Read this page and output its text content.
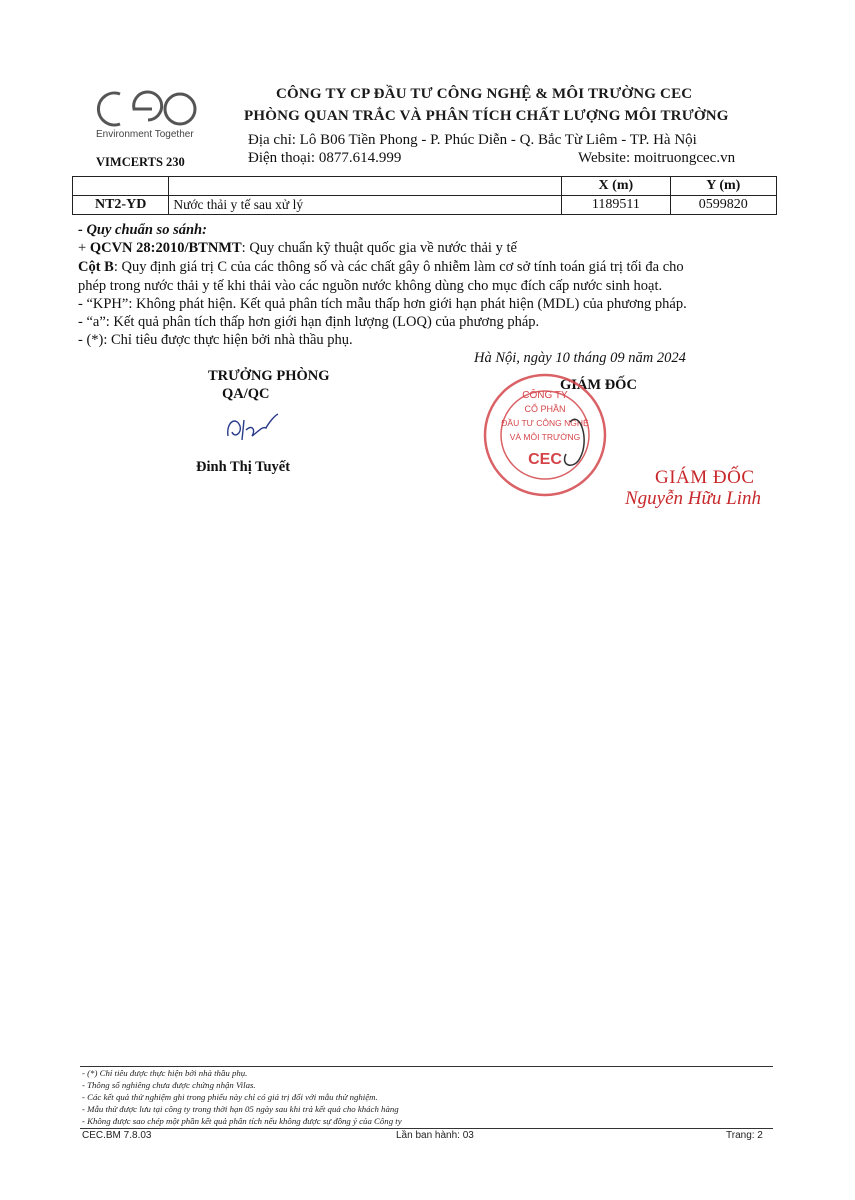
Environment Together
VIMCERTS 230
CÔNG TY CP ĐẦU TƯ CÔNG NGHỆ & MÔI TRƯỜNG CEC
PHÒNG QUAN TRẮC VÀ PHÂN TÍCH CHẤT LƯỢNG MÔI TRƯỜNG
Địa chỉ: Lô B06 Tiền Phong - P. Phúc Diễn - Q. Bắc Từ Liêm - TP. Hà Nội
Điện thoại: 0877.614.999	Website: moitruongcec.vn
		X (m)	Y (m)
NT2-YD	Nước thải y tế sau xử lý	1189511	0599820
- Quy chuẩn so sánh:
+ QCVN 28:2010/BTNMT: Quy chuẩn kỹ thuật quốc gia về nước thải y tế
Cột B: Quy định giá trị C của các thông số và các chất gây ô nhiễm làm cơ sở tính toán giá trị tối đa cho
phép trong nước thải y tế khi thải vào các nguồn nước không dùng cho mục đích cấp nước sinh hoạt.
- “KPH”: Không phát hiện. Kết quả phân tích mẫu thấp hơn giới hạn phát hiện (MDL) của phương pháp.
- “a”: Kết quả phân tích thấp hơn giới hạn định lượng (LOQ) của phương pháp.
- (*): Chỉ tiêu được thực hiện bởi nhà thầu phụ.
Hà Nội, ngày 10 tháng 09 năm 2024
TRƯỞNG PHÒNG
QA/QC
Đinh Thị Tuyết
GIÁM ĐỐC
CÔNG TY
CỔ PHẦN
ĐẦU TƯ CÔNG NGHỆ
VÀ MÔI TRƯỜNG
CEC
GIÁM ĐỐC
Nguyễn Hữu Linh
- (*) Chỉ tiêu được thực hiện bởi nhà thầu phụ.
- Thông số nghiêng chưa được chứng nhận Vilas.
- Các kết quả thử nghiệm ghi trong phiếu này chỉ có giá trị đối với mẫu thử nghiệm.
- Mẫu thử được lưu tại công ty trong thời hạn 05 ngày sau khi trả kết quả cho khách hàng
- Không được sao chép một phần kết quả phân tích nếu không được sự đồng ý của Công ty
CEC.BM 7.8.03	Lần ban hành: 03	Trang: 2
